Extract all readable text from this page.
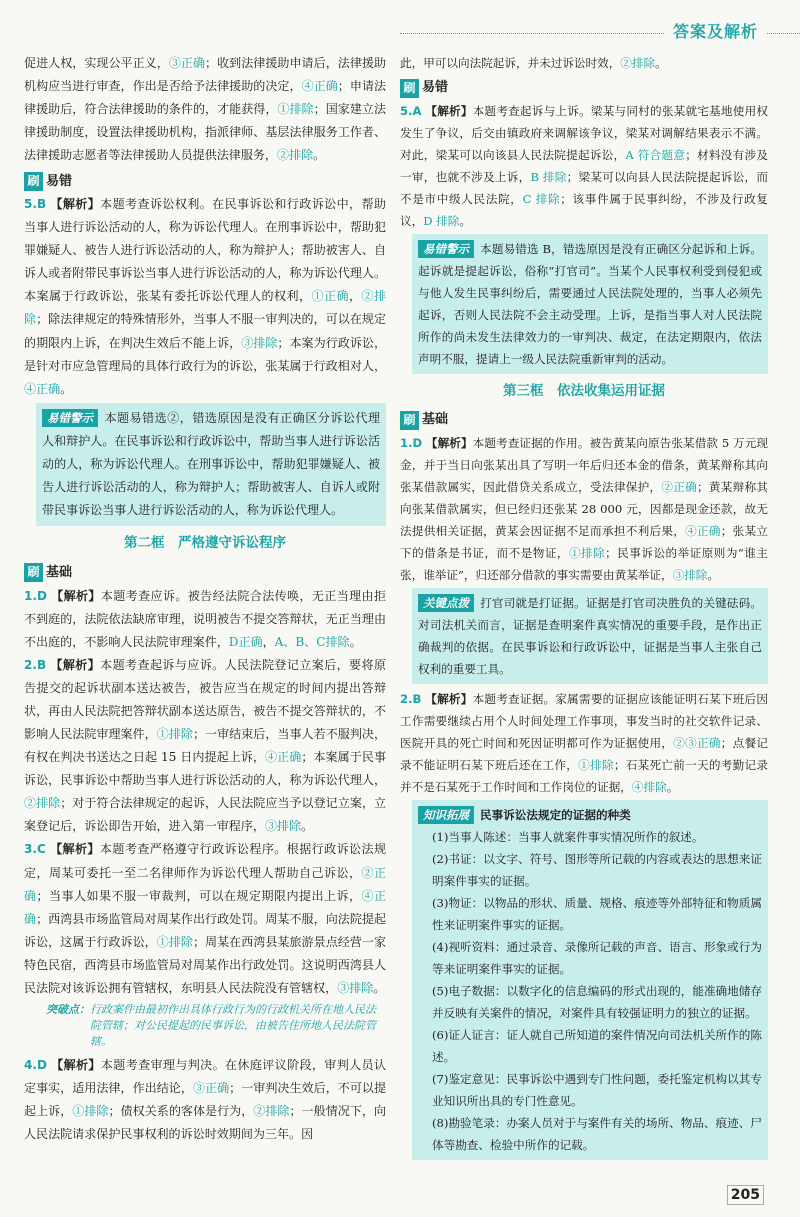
答案及解析

促进人权，实现公平正义，③正确；收到法律援助申请后，法律援助机构应当进行审查，作出是否给予法律援助的决定，④正确；申请法律援助后，符合法律援助的条件的，才能获得，①排除；国家建立法律援助制度，设置法律援助机构，指派律师、基层法律服务工作者、法律援助志愿者等法律援助人员提供法律服务，②排除。

刷 易错

5.B 【解析】本题考查诉讼权利。在民事诉讼和行政诉讼中，帮助当事人进行诉讼活动的人，称为诉讼代理人。在刑事诉讼中，帮助犯罪嫌疑人、被告人进行诉讼活动的人，称为辩护人；帮助被害人、自诉人或者附带民事诉讼当事人进行诉讼活动的人，称为诉讼代理人。本案属于行政诉讼，张某有委托诉讼代理人的权利，①正确，②排除；除法律规定的特殊情形外，当事人不服一审判决的，可以在规定的期限内上诉，在判决生效后不能上诉，③排除；本案为行政诉讼，是针对市应急管理局的具体行政行为的诉讼，张某属于行政相对人，④正确。

易错警示 本题易错选②，错选原因是没有正确区分诉讼代理人和辩护人。在民事诉讼和行政诉讼中，帮助当事人进行诉讼活动的人，称为诉讼代理人。在刑事诉讼中，帮助犯罪嫌疑人、被告人进行诉讼活动的人，称为辩护人；帮助被害人、自诉人或附带民事诉讼当事人进行诉讼活动的人，称为诉讼代理人。
第二框　严格遵守诉讼程序
刷 基础

1.D 【解析】本题考查应诉。被告经法院合法传唤，无正当理由拒不到庭的，法院依法缺席审理，说明被告不提交答辩状，无正当理由不出庭的，不影响人民法院审理案件，D正确，A、B、C排除。

2.B 【解析】本题考查起诉与应诉。人民法院登记立案后，要将原告提交的起诉状副本送达被告，被告应当在规定的时间内提出答辩状，再由人民法院把答辩状副本送达原告，被告不提交答辩状的，不影响人民法院审理案件，①排除；一审结束后，当事人若不服判决，有权在判决书送达之日起 15 日内提起上诉，④正确；本案属于民事诉讼，民事诉讼中帮助当事人进行诉讼活动的人，称为诉讼代理人，②排除；对于符合法律规定的起诉，人民法院应当予以登记立案，立案登记后，诉讼即告开始，进入第一审程序，③排除。

3.C 【解析】本题考查严格遵守行政诉讼程序。根据行政诉讼法规定，周某可委托一至二名律师作为诉讼代理人帮助自己诉讼，②正确；当事人如果不服一审裁判，可以在规定期限内提出上诉，④正确；西湾县市场监管局对周某作出行政处罚。周某不服，向法院提起诉讼，这属于行政诉讼，①排除；周某在西湾县某旅游景点经营一家特色民宿，西湾县市场监管局对周某作出行政处罚。这说明西湾县人民法院对该诉讼拥有管辖权，东明县人民法院没有管辖权，③排除。

突破点： 行政案件由最初作出具体行政行为的行政机关所在地人民法院管辖；对公民提起的民事诉讼，由被告住所地人民法院管辖。

4.D 【解析】本题考查审理与判决。在休庭评议阶段，审判人员认定事实，适用法律，作出结论，③正确；一审判决生效后，不可以提起上诉，①排除；债权关系的客体是行为，②排除；一般情况下，向人民法院请求保护民事权利的诉讼时效期间为三年。因

此，甲可以向法院起诉，并未过诉讼时效，②排除。

刷 易错

5.A 【解析】本题考查起诉与上诉。梁某与同村的张某就宅基地使用权发生了争议，后交由镇政府来调解该争议，梁某对调解结果表示不满。对此，梁某可以向该县人民法院提起诉讼，A 符合题意；材料没有涉及一审，也就不涉及上诉，B 排除；梁某可以向县人民法院提起诉讼，而不是市中级人民法院，C 排除；该事件属于民事纠纷，不涉及行政复议，D 排除。

易错警示 本题易错选 B，错选原因是没有正确区分起诉和上诉。起诉就是提起诉讼，俗称“打官司”。当某个人民事权利受到侵犯或与他人发生民事纠纷后，需要通过人民法院处理的，当事人必须先起诉，否则人民法院不会主动受理。上诉，是指当事人对人民法院所作的尚未发生法律效力的一审判决、裁定，在法定期限内，依法声明不服，提请上一级人民法院重新审判的活动。
第三框　依法收集运用证据
刷 基础

1.D 【解析】本题考查证据的作用。被告黄某向原告张某借款 5 万元现金，并于当日向张某出具了写明一年后归还本金的借条，黄某辩称其向张某借款属实，因此借贷关系成立，受法律保护，②正确；黄某辩称其向张某借款属实，但已经归还张某 28 000 元，因都是现金还款，故无法提供相关证据，黄某会因证据不足而承担不利后果，④正确；张某立下的借条是书证，而不是物证，①排除；民事诉讼的举证原则为“谁主张，谁举证”，归还部分借款的事实需要由黄某举证，③排除。

关键点拨 打官司就是打证据。证据是打官司决胜负的关键砝码。对司法机关而言，证据是查明案件真实情况的重要手段，是作出正确裁判的依据。在民事诉讼和行政诉讼中，证据是当事人主张自己权利的重要工具。

2.B 【解析】本题考查证据。家属需要的证据应该能证明石某下班后因工作需要继续占用个人时间处理工作事项，事发当时的社交软件记录、医院开具的死亡时间和死因证明都可作为证据使用，②③正确；点餐记录不能证明石某下班后还在工作，①排除；石某死亡前一天的考勤记录并不是石某死于工作时间和工作岗位的证据，④排除。

知识拓展 民事诉讼法规定的证据的种类
(1)当事人陈述：当事人就案件事实情况所作的叙述。
(2)书证：以文字、符号、图形等所记载的内容或表达的思想来证明案件事实的证据。
(3)物证：以物品的形状、质量、规格、痕迹等外部特征和物质属性来证明案件事实的证据。
(4)视听资料：通过录音、录像所记载的声音、语言、形象或行为等来证明案件事实的证据。
(5)电子数据：以数字化的信息编码的形式出现的，能准确地储存并反映有关案件的情况，对案件具有较强证明力的独立的证据。
(6)证人证言：证人就自己所知道的案件情况向司法机关所作的陈述。
(7)鉴定意见：民事诉讼中遇到专门性问题，委托鉴定机构以其专业知识所出具的专门性意见。
(8)勘验笔录：办案人员对于与案件有关的场所、物品、痕迹、尸体等勘查、检验中所作的记载。
205
